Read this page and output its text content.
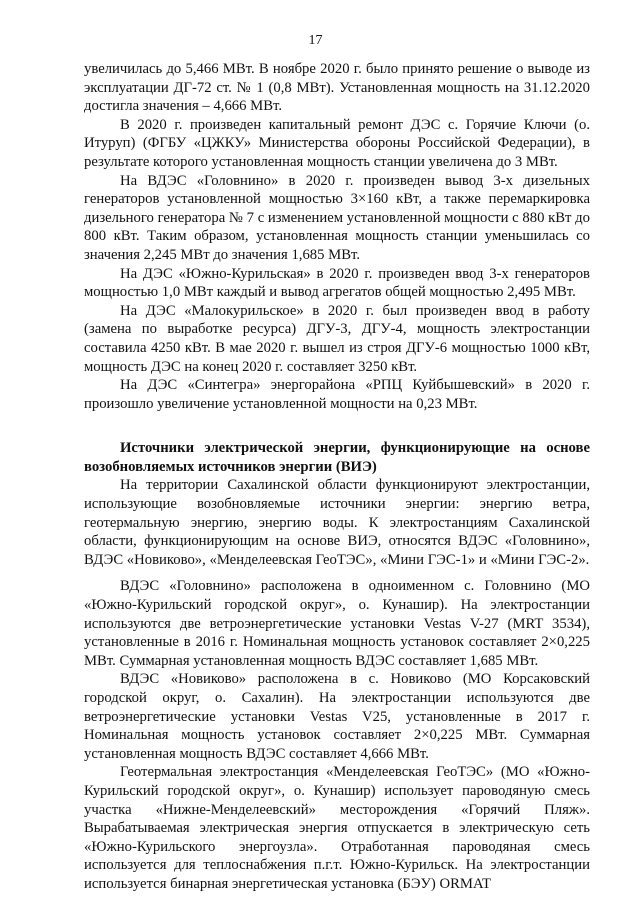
17

увеличилась до 5,466 МВт. В ноябре 2020 г. было принято решение о выводе из эксплуатации ДГ-72 ст. № 1 (0,8 МВт). Установленная мощность на 31.12.2020 достигла значения – 4,666 МВт.

В 2020 г. произведен капитальный ремонт ДЭС с. Горячие Ключи (о. Итуруп) (ФГБУ «ЦЖКУ» Министерства обороны Российской Федерации), в результате которого установленная мощность станции увеличена до 3 МВт.

На ВДЭС «Головнино» в 2020 г. произведен вывод 3-х дизельных генераторов установленной мощностью 3×160 кВт, а также перемаркировка дизельного генератора № 7 с изменением установленной мощности с 880 кВт до 800 кВт. Таким образом, установленная мощность станции уменьшилась со значения 2,245 МВт до значения 1,685 МВт.

На ДЭС «Южно-Курильская» в 2020 г. произведен ввод 3-х генераторов мощностью 1,0 МВт каждый и вывод агрегатов общей мощностью 2,495 МВт.

На ДЭС «Малокурильское» в 2020 г. был произведен ввод в работу (замена по выработке ресурса) ДГУ-3, ДГУ-4, мощность электростанции составила 4250 кВт. В мае 2020 г. вышел из строя ДГУ-6 мощностью 1000 кВт, мощность ДЭС на конец 2020 г. составляет 3250 кВт.

На ДЭС «Синтегра» энергорайона «РПЦ Куйбышевский» в 2020 г. произошло увеличение установленной мощности на 0,23 МВт.

Источники электрической энергии, функционирующие на основе возобновляемых источников энергии (ВИЭ)

На территории Сахалинской области функционируют электростанции, использующие возобновляемые источники энергии: энергию ветра, геотермальную энергию, энергию воды. К электростанциям Сахалинской области, функционирующим на основе ВИЭ, относятся ВДЭС «Головнино», ВДЭС «Новиково», «Менделеевская ГеоТЭС», «Мини ГЭС-1» и «Мини ГЭС-2».

ВДЭС «Головнино» расположена в одноименном с. Головнино (МО «Южно-Курильский городской округ», о. Кунашир). На электростанции используются две ветроэнергетические установки Vestas V-27 (MRT 3534), установленные в 2016 г. Номинальная мощность установок составляет 2×0,225 МВт. Суммарная установленная мощность ВДЭС составляет 1,685 МВт.

ВДЭС «Новиково» расположена в с. Новиково (МО Корсаковский городской округ, о. Сахалин). На электростанции используются две ветроэнергетические установки Vestas V25, установленные в 2017 г. Номинальная мощность установок составляет 2×0,225 МВт. Суммарная установленная мощность ВДЭС составляет 4,666 МВт.

Геотермальная электростанция «Менделеевская ГеоТЭС» (МО «Южно-Курильский городской округ», о. Кунашир) использует пароводяную смесь участка «Нижне-Менделеевский» месторождения «Горячий Пляж». Вырабатываемая электрическая энергия отпускается в электрическую сеть «Южно-Курильского энергоузла». Отработанная пароводяная смесь используется для теплоснабжения п.г.т. Южно-Курильск. На электростанции используется бинарная энергетическая установка (БЭУ) ORMAT
